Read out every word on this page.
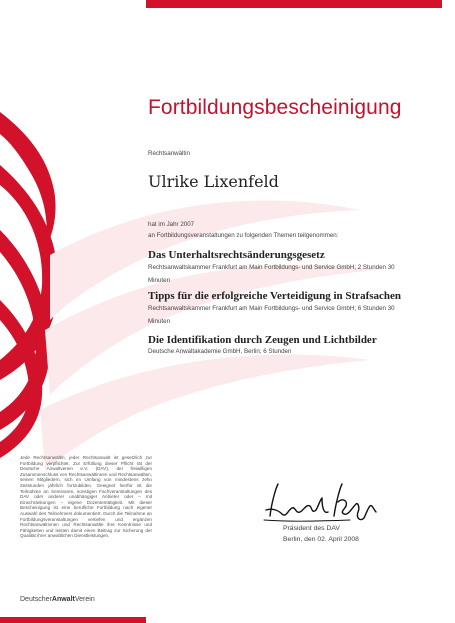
Fortbildungsbescheinigung

Rechtsanwältin

Ulrike Lixenfeld

hat im Jahr 2007

an Fortbildungsveranstaltungen zu folgenden Themen teilgenommen:

Das Unterhaltsrechtsänderungsgesetz

Rechtsanwaltskammer Frankfurt am Main Fortbildungs- und Service GmbH; 2 Stunden 30 Minuten

Tipps für die erfolgreiche Verteidigung in Strafsachen

Rechtsanwaltskammer Frankfurt am Main Fortbildungs- und Service GmbH; 6 Stunden 30 Minuten

Die Identifikation durch Zeugen und Lichtbilder

Deutsche Anwaltakademie GmbH, Berlin; 6 Stunden

Jede Rechtsanwältin, jeder Rechtsanwalt ist gesetzlich zur Fortbildung verpflichtet. Zur Erfüllung dieser Pflicht rät der Deutsche Anwaltverein e.V. (DAV), der freiwilligen Zusammenschluss von Rechtsanwältinnen und Rechtsanwälten, seinen Mitgliedern, sich im Umfang von mindestens zehn Zeitstunden jährlich fortzubilden. Geeignet hierfür ist die Teilnahme an Seminaren, sonstigen Fachveranstaltungen des DAV oder anderer unabhängiger Anbieter oder – mit Einschränkungen – eigene Dozententätigkeit. Mit dieser Bescheinigung ist eine berufliche Fortbildung nach eigener Auswahl des Teilnehmers dokumentiert. Durch die Teilnahme an Fortbildungsveranstaltungen vertiefen und ergänzen Rechtsanwältinnen und Rechtsanwälte ihre Kenntnisse und Fähigkeiten und leisten damit einen Beitrag zur Sicherung der Qualität ihrer anwaltlichen Dienstleistungen.

DeutscherAnwaltVerein

Präsident des DAV

Berlin, den 02. April 2008
